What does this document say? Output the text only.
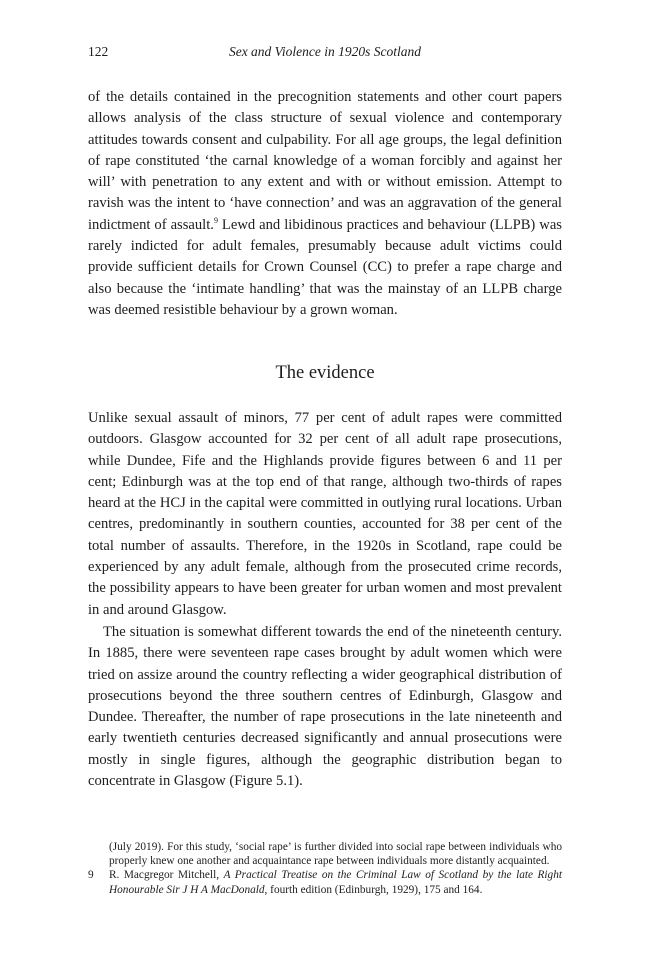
122	Sex and Violence in 1920s Scotland

of the details contained in the precognition statements and other court papers allows analysis of the class structure of sexual violence and contemporary attitudes towards consent and culpability. For all age groups, the legal definition of rape constituted ‘the carnal knowledge of a woman forcibly and against her will’ with penetration to any extent and with or without emission. Attempt to ravish was the intent to ‘have connection’ and was an aggravation of the general indictment of assault.$^9$ Lewd and libidinous practices and behaviour (LLPB) was rarely indicted for adult females, presumably because adult victims could provide sufficient details for Crown Counsel (CC) to prefer a rape charge and also because the ‘intimate handling’ that was the mainstay of an LLPB charge was deemed resistible behaviour by a grown woman.

The evidence

Unlike sexual assault of minors, 77 per cent of adult rapes were committed outdoors. Glasgow accounted for 32 per cent of all adult rape prosecutions, while Dundee, Fife and the Highlands provide figures between 6 and 11 per cent; Edinburgh was at the top end of that range, although two-thirds of rapes heard at the HCJ in the capital were committed in outlying rural locations. Urban centres, predominantly in southern counties, accounted for 38 per cent of the total number of assaults. Therefore, in the 1920s in Scotland, rape could be experienced by any adult female, although from the prosecuted crime records, the possibility appears to have been greater for urban women and most prevalent in and around Glasgow.

The situation is somewhat different towards the end of the nineteenth century. In 1885, there were seventeen rape cases brought by adult women which were tried on assize around the country reflecting a wider geographical distribution of prosecutions beyond the three southern centres of Edinburgh, Glasgow and Dundee. Thereafter, the number of rape prosecutions in the late nineteenth and early twentieth centuries decreased significantly and annual prosecutions were mostly in single figures, although the geographic distribution began to concentrate in Glasgow (Figure 5.1).

(July 2019). For this study, ‘social rape’ is further divided into social rape between individuals who properly knew one another and acquaintance rape between individuals more distantly acquainted.

9 R. Macgregor Mitchell, A Practical Treatise on the Criminal Law of Scotland by the late Right Honourable Sir J H A MacDonald, fourth edition (Edinburgh, 1929), 175 and 164.
